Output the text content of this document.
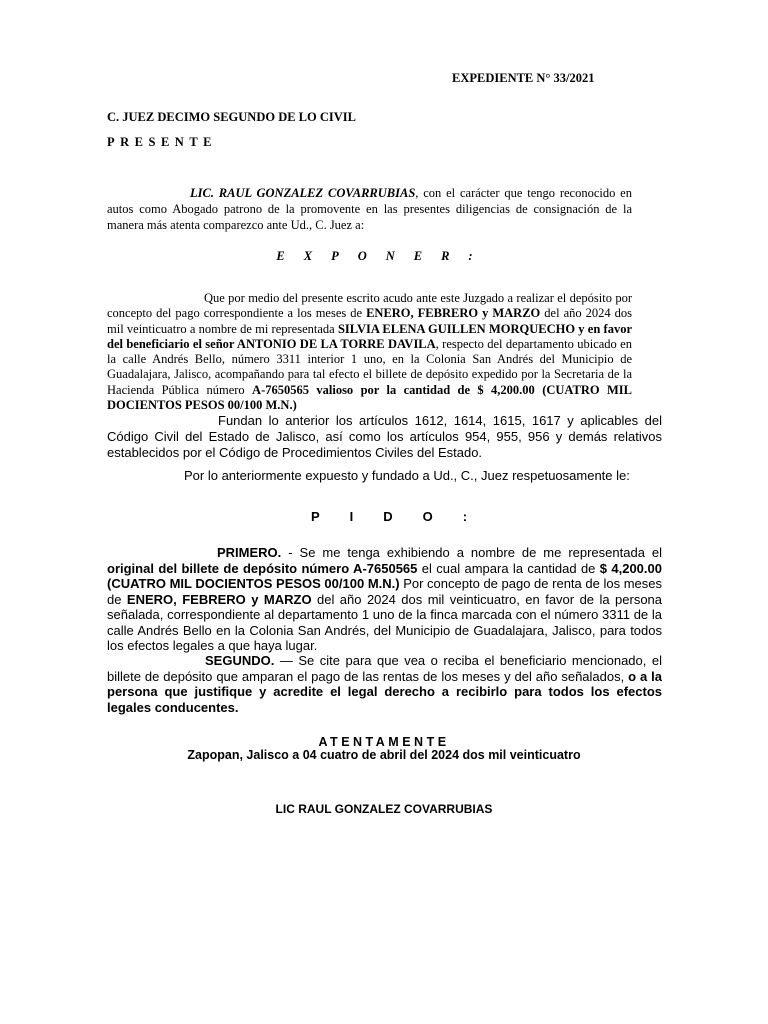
EXPEDIENTE N° 33/2021

C. JUEZ DECIMO SEGUNDO DE LO CIVIL

PRESENTE

LIC. RAUL GONZALEZ COVARRUBIAS, con el carácter que tengo reconocido en autos como Abogado patrono de la promovente en las presentes diligencias de consignación de la manera más atenta comparezco ante Ud., C. Juez a:

EXPONER:

Que por medio del presente escrito acudo ante este Juzgado a realizar el depósito por concepto del pago correspondiente a los meses de ENERO, FEBRERO y MARZO del año 2024 dos mil veinticuatro a nombre de mi representada SILVIA ELENA GUILLEN MORQUECHO y en favor del beneficiario el señor ANTONIO DE LA TORRE DAVILA, respecto del departamento ubicado en la calle Andrés Bello, número 3311 interior 1 uno, en la Colonia San Andrés del Municipio de Guadalajara, Jalisco, acompañando para tal efecto el billete de depósito expedido por la Secretaria de la Hacienda Pública número A-7650565 valioso por la cantidad de $ 4,200.00 (CUATRO MIL DOCIENTOS PESOS 00/100 M.N.)

Fundan lo anterior los artículos 1612, 1614, 1615, 1617 y aplicables del Código Civil del Estado de Jalisco, así como los artículos 954, 955, 956 y demás relativos establecidos por el Código de Procedimientos Civiles del Estado.

Por lo anteriormente expuesto y fundado a Ud., C., Juez respetuosamente le:

PIDO:

PRIMERO. - Se me tenga exhibiendo a nombre de me representada el original del billete de depósito número A-7650565 el cual ampara la cantidad de $ 4,200.00 (CUATRO MIL DOCIENTOS PESOS 00/100 M.N.) Por concepto de pago de renta de los meses de ENERO, FEBRERO y MARZO del año 2024 dos mil veinticuatro, en favor de la persona señalada, correspondiente al departamento 1 uno de la finca marcada con el número 3311 de la calle Andrés Bello en la Colonia San Andrés, del Municipio de Guadalajara, Jalisco, para todos los efectos legales a que haya lugar.

SEGUNDO. — Se cite para que vea o reciba el beneficiario mencionado, el billete de depósito que amparan el pago de las rentas de los meses y del año señalados, o a la persona que justifique y acredite el legal derecho a recibirlo para todos los efectos legales conducentes.

ATENTAMENTE

Zapopan, Jalisco a 04 cuatro de abril del 2024 dos mil veinticuatro

LIC RAUL GONZALEZ COVARRUBIAS
